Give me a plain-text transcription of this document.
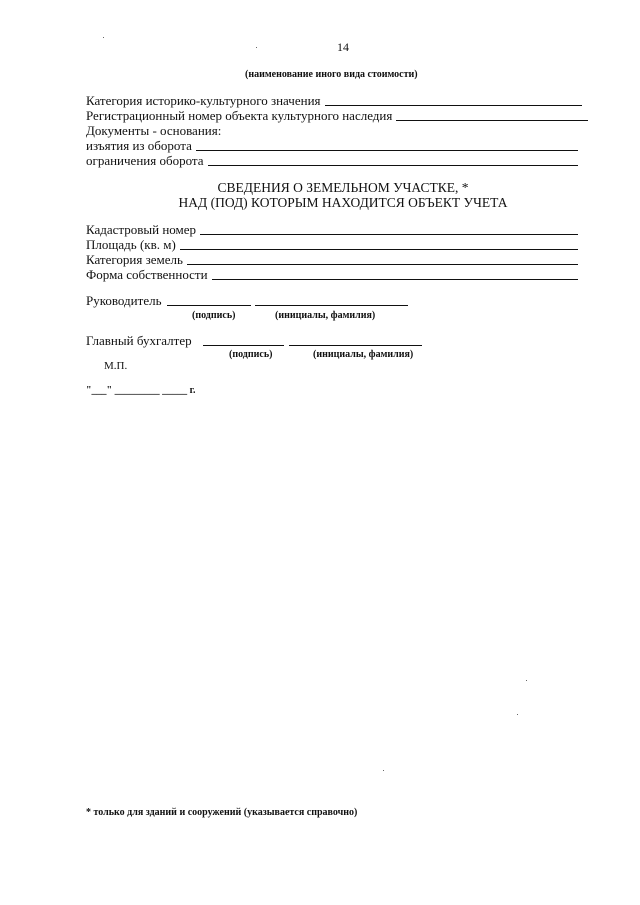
14
(наименование иного вида стоимости)
Категория историко-культурного значения
Регистрационный номер объекта культурного наследия
Документы - основания:
изъятия из оборота
ограничения оборота
СВЕДЕНИЯ О ЗЕМЕЛЬНОМ УЧАСТКЕ, *
НАД (ПОД) КОТОРЫМ НАХОДИТСЯ ОБЪЕКТ УЧЕТА
Кадастровый номер
Площадь (кв. м)
Категория земель
Форма собственности
Руководитель
(подпись)	(инициалы, фамилия)
Главный бухгалтер
(подпись)	(инициалы, фамилия)
М.П.
"___" _________ _____ г.
* только для зданий и сооружений (указывается справочно)
